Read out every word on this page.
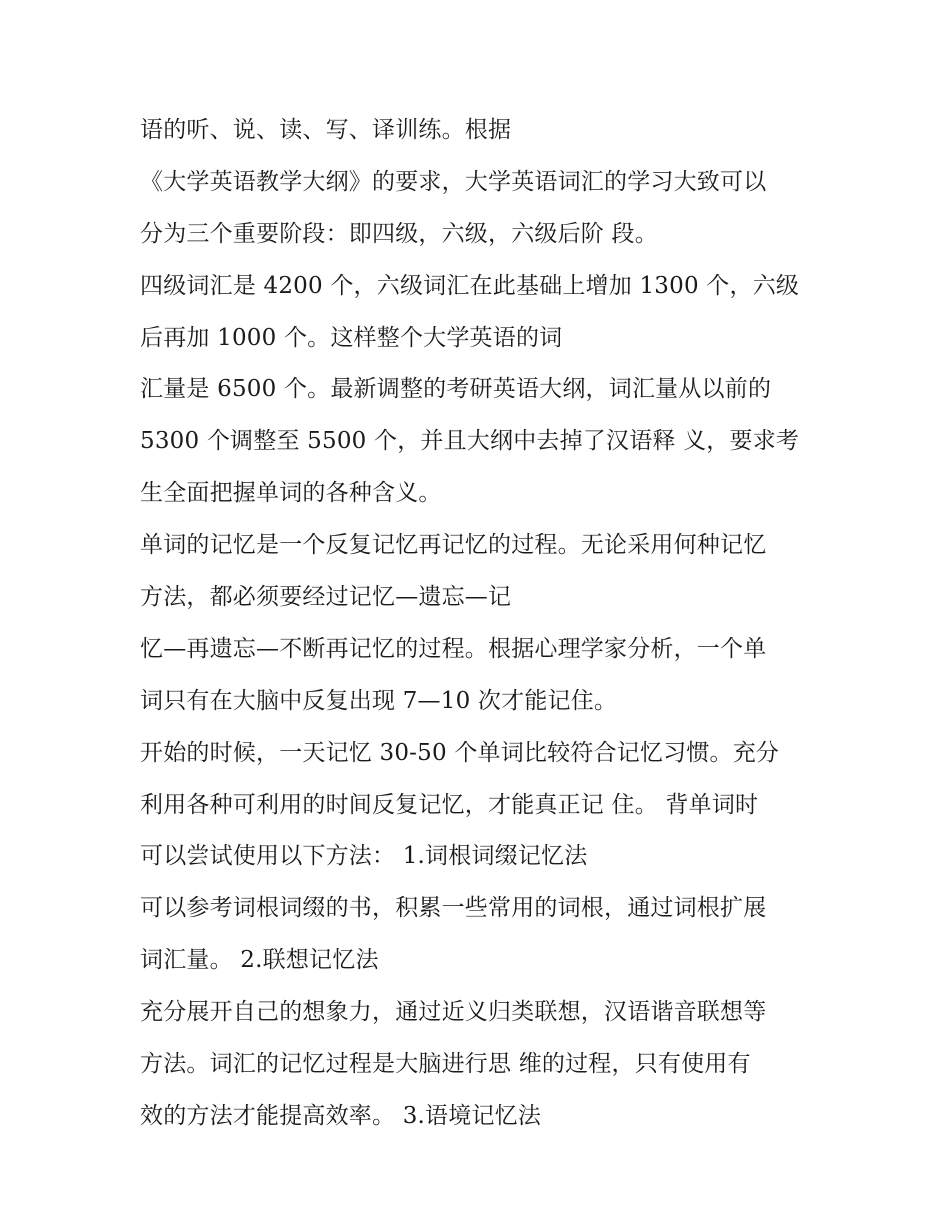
语的听、说、读、写、译训练。根据
《大学英语教学大纲》的要求，大学英语词汇的学习大致可以
分为三个重要阶段：即四级，六级，六级后阶 段。
四级词汇是 4200 个，六级词汇在此基础上增加 1300 个，六级
后再加 1000 个。这样整个大学英语的词
汇量是 6500 个。最新调整的考研英语大纲，词汇量从以前的
5300 个调整至 5500 个，并且大纲中去掉了汉语释 义，要求考
生全面把握单词的各种含义。
单词的记忆是一个反复记忆再记忆的过程。无论采用何种记忆
方法，都必须要经过记忆—遗忘—记
忆—再遗忘—不断再记忆的过程。根据心理学家分析，一个单
词只有在大脑中反复出现 7—10 次才能记住。
开始的时候，一天记忆 30-50 个单词比较符合记忆习惯。充分
利用各种可利用的时间反复记忆，才能真正记 住。 背单词时
可以尝试使用以下方法： 1.词根词缀记忆法
可以参考词根词缀的书，积累一些常用的词根，通过词根扩展
词汇量。 2.联想记忆法
充分展开自己的想象力，通过近义归类联想，汉语谐音联想等
方法。词汇的记忆过程是大脑进行思 维的过程，只有使用有
效的方法才能提高效率。 3.语境记忆法
